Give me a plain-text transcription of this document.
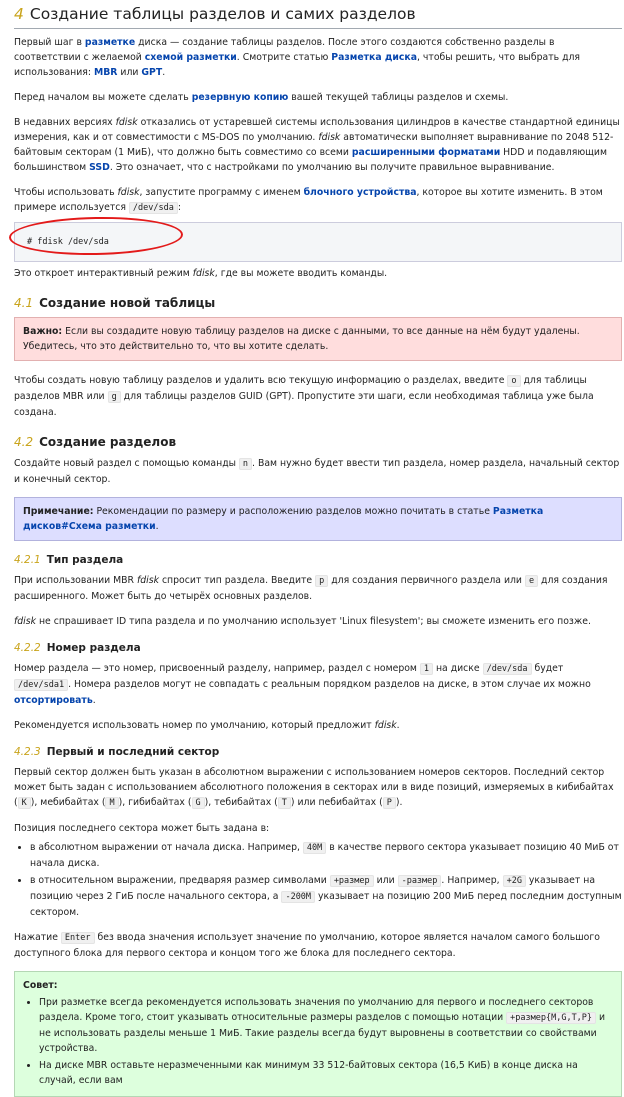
4 Создание таблицы разделов и самих разделов

Первый шаг в разметке диска — создание таблицы разделов. После этого создаются собственно разделы в соответствии с желаемой схемой разметки. Смотрите статью Разметка диска, чтобы решить, что выбрать для использования: MBR или GPT.

Перед началом вы можете сделать резервную копию вашей текущей таблицы разделов и схемы.

В недавних версиях fdisk отказались от устаревшей системы использования цилиндров в качестве стандартной единицы измерения, как и от совместимости с MS-DOS по умолчанию. fdisk автоматически выполняет выравнивание по 2048 512-байтовым секторам (1 МиБ), что должно быть совместимо со всеми расширенными форматами HDD и подавляющим большинством SSD. Это означает, что с настройками по умолчанию вы получите правильное выравнивание.

Чтобы использовать fdisk, запустите программу с именем блочного устройства, которое вы хотите изменить. В этом примере используется /dev/sda :

# fdisk /dev/sda

Это откроет интерактивный режим fdisk, где вы можете вводить команды.

4.1 Создание новой таблицы
Важно: Если вы создадите новую таблицу разделов на диске с данными, то все данные на нём будут удалены. Убедитесь, что это действительно то, что вы хотите сделать.

Чтобы создать новую таблицу разделов и удалить всю текущую информацию о разделах, введите o для таблицы разделов MBR или g для таблицы разделов GUID (GPT). Пропустите эти шаги, если необходимая таблица уже была создана.

4.2 Создание разделов

Создайте новый раздел с помощью команды n . Вам нужно будет ввести тип раздела, номер раздела, начальный сектор и конечный сектор.

Примечание: Рекомендации по размеру и расположению разделов можно почитать в статье Разметка дисков#Схема разметки.
4.2.1 Тип раздела

При использовании MBR fdisk спросит тип раздела. Введите p для создания первичного раздела или e для создания расширенного. Может быть до четырёх основных разделов.

fdisk не спрашивает ID типа раздела и по умолчанию использует 'Linux filesystem'; вы сможете изменить его позже.

4.2.2 Номер раздела

Номер раздела — это номер, присвоенный разделу, например, раздел с номером 1 на диске /dev/sda будет /dev/sda1 . Номера разделов могут не совпадать с реальным порядком разделов на диске, в этом случае их можно отсортировать.

Рекомендуется использовать номер по умолчанию, который предложит fdisk.

4.2.3 Первый и последний сектор

Первый сектор должен быть указан в абсолютном выражении с использованием номеров секторов. Последний сектор может быть задан с использованием абсолютного положения в секторах или в виде позиций, измеряемых в кибибайтах ( K ), мебибайтах ( M ), гибибайтах ( G ), тебибайтах ( T ) или пебибайтах ( P ).

Позиция последнего сектора может быть задана в:

• в абсолютном выражении от начала диска. Например, 40M в качестве первого сектора указывает позицию 40 МиБ от начала диска.
• в относительном выражении, предваряя размер символами +размер или -размер . Например, +2G указывает на позицию через 2 ГиБ после начального сектора, а -200M указывает на позицию 200 МиБ перед последним доступным сектором.

Нажатие Enter без ввода значения использует значение по умолчанию, которое является началом самого большого доступного блока для первого сектора и концом того же блока для последнего сектора.

Совет:
• При разметке всегда рекомендуется использовать значения по умолчанию для первого и последнего секторов раздела. Кроме того, стоит указывать относительные размеры разделов с помощью нотации +размер{M,G,T,P} и не использовать разделы меньше 1 МиБ. Такие разделы всегда будут выровнены в соответствии со свойствами устройства.
• На диске MBR оставьте неразмеченными как минимум 33 512-байтовых сектора (16,5 КиБ) в конце диска на случай, если вам
